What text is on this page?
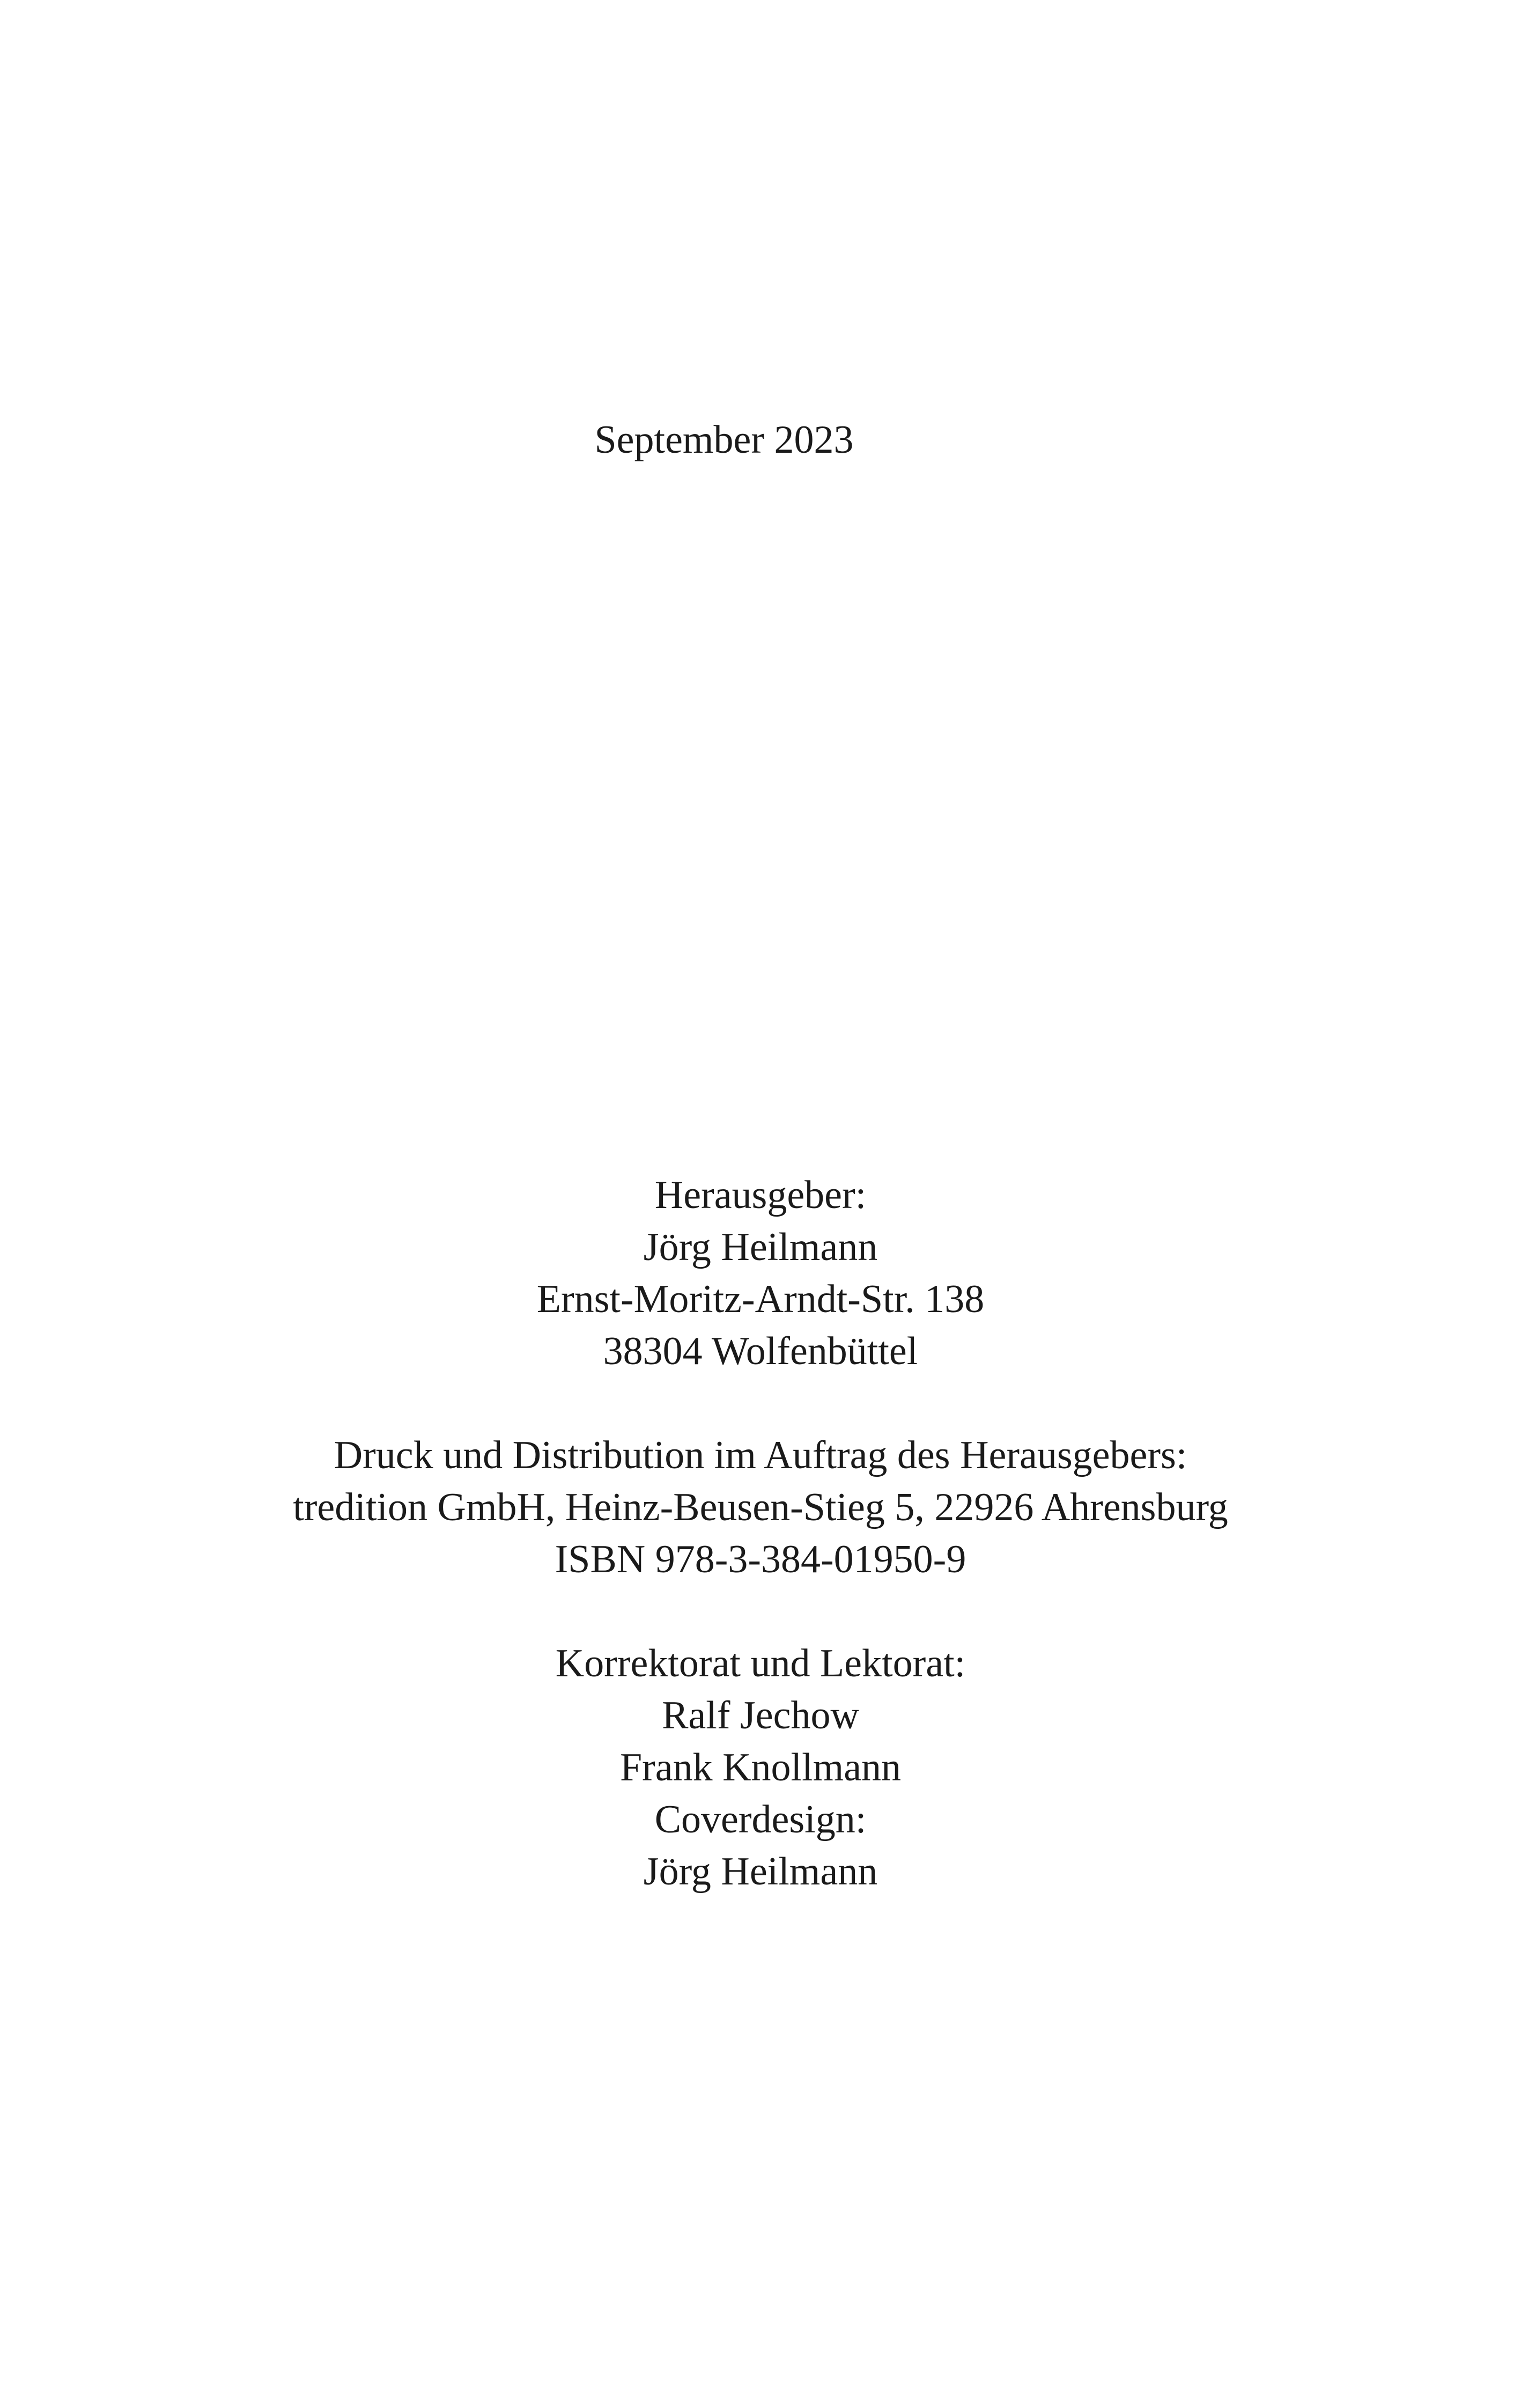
September 2023
Herausgeber:
Jörg Heilmann
Ernst-Moritz-Arndt-Str. 138
38304 Wolfenbüttel
Druck und Distribution im Auftrag des Herausgebers:
tredition GmbH, Heinz-Beusen-Stieg 5, 22926 Ahrensburg
ISBN 978-3-384-01950-9
Korrektorat und Lektorat:
Ralf Jechow
Frank Knollmann
Coverdesign:
Jörg Heilmann
